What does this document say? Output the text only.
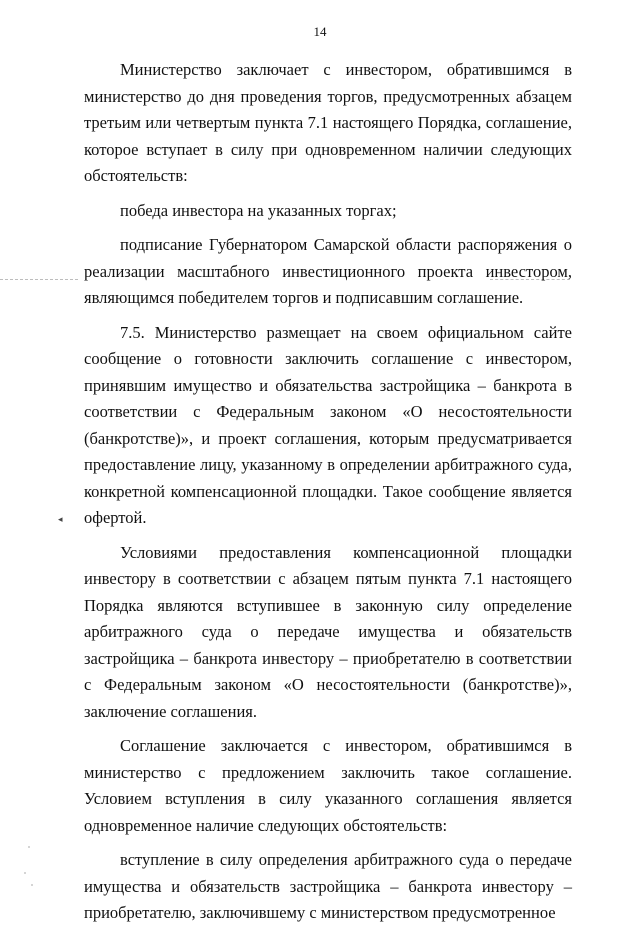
14
◂

Министерство заключает с инвестором, обратившимся в министерство до дня проведения торгов, предусмотренных абзацем третьим или четвертым пункта 7.1 настоящего Порядка, соглашение, которое вступает в силу при одновременном наличии следующих обстоятельств:

победа инвестора на указанных торгах;

подписание Губернатором Самарской области распоряжения о реализации масштабного инвестиционного проекта инвестором, являющимся победителем торгов и подписавшим соглашение.

7.5. Министерство размещает на своем официальном сайте сообщение о готовности заключить соглашение с инвестором, принявшим имущество и обязательства застройщика – банкрота в соответствии с Федеральным законом «О несостоятельности (банкротстве)», и проект соглашения, которым предусматривается предоставление лицу, указанному в определении арбитражного суда, конкретной компенсационной площадки. Такое сообщение является офертой.

Условиями предоставления компенсационной площадки инвестору в соответствии с абзацем пятым пункта 7.1 настоящего Порядка являются вступившее в законную силу определение арбитражного суда о передаче имущества и обязательств застройщика – банкрота инвестору – приобретателю в соответствии с Федеральным законом «О несостоятельности (банкротстве)», заключение соглашения.

Соглашение заключается с инвестором, обратившимся в министерство с предложением заключить такое соглашение. Условием вступления в силу указанного соглашения является одновременное наличие следующих обстоятельств:

вступление в силу определения арбитражного суда о передаче имущества и обязательств застройщика – банкрота инвестору – приобретателю, заключившему с министерством предусмотренное
